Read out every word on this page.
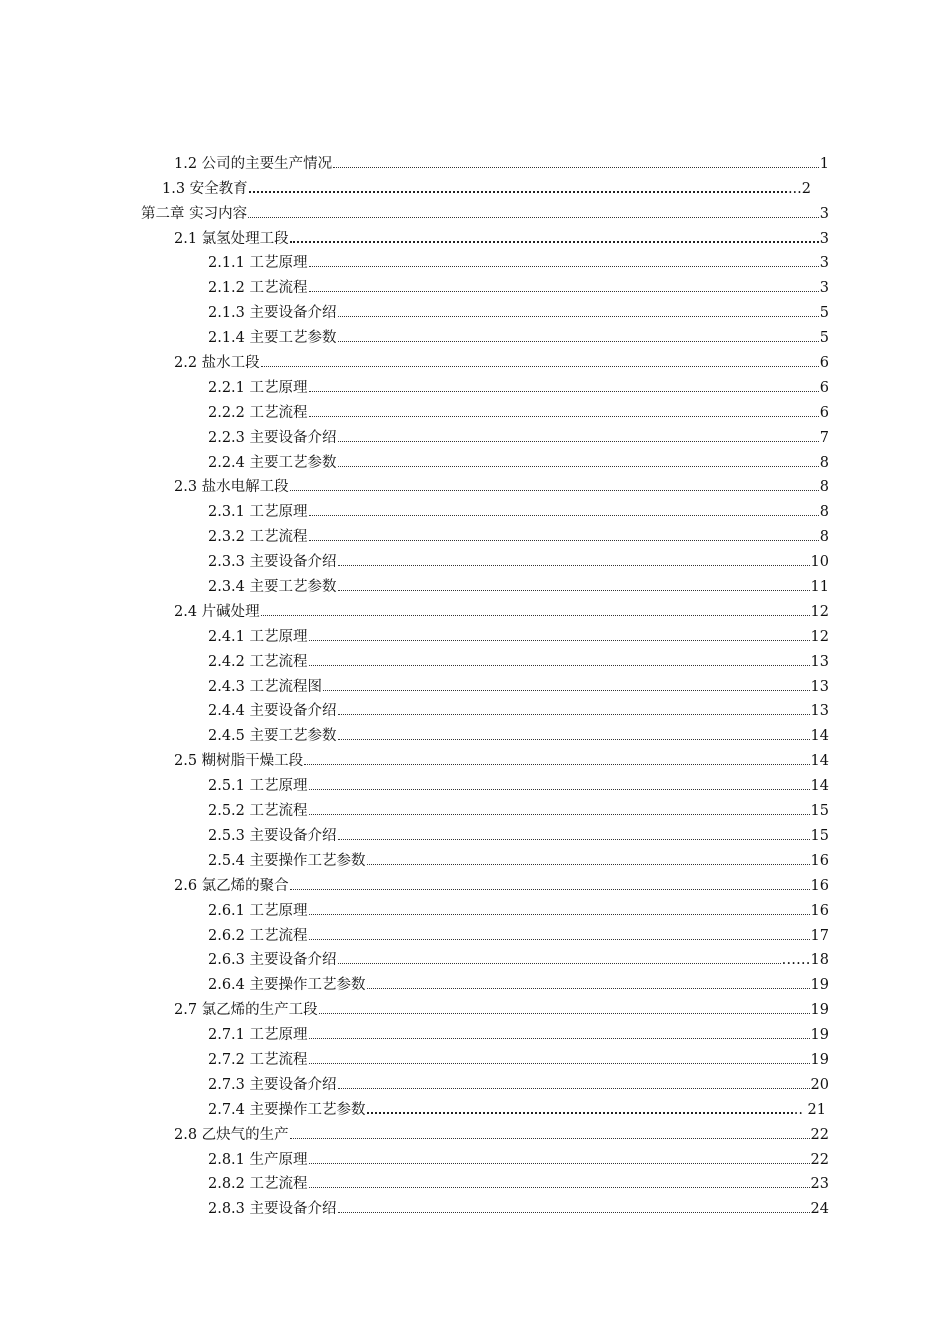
1.2 公司的主要生产情况	1
1.3 安全教育	...2
第二章 实习内容	3
2.1 氯氢处理工段	3
2.1.1 工艺原理	3
2.1.2 工艺流程	3
2.1.3 主要设备介绍	5
2.1.4 主要工艺参数	5
2.2 盐水工段	6
2.2.1 工艺原理	6
2.2.2 工艺流程	6
2.2.3 主要设备介绍	7
2.2.4 主要工艺参数	8
2.3 盐水电解工段	8
2.3.1 工艺原理	8
2.3.2 工艺流程	8
2.3.3 主要设备介绍	10
2.3.4 主要工艺参数	11
2.4 片碱处理	12
2.4.1 工艺原理	12
2.4.2 工艺流程	13
2.4.3 工艺流程图	13
2.4.4 主要设备介绍	13
2.4.5 主要工艺参数	14
2.5 糊树脂干燥工段	14
2.5.1 工艺原理	14
2.5.2 工艺流程	15
2.5.3 主要设备介绍	15
2.5.4 主要操作工艺参数	16
2.6 氯乙烯的聚合	16
2.6.1 工艺原理	16
2.6.2 工艺流程	17
2.6.3 主要设备介绍	……18
2.6.4 主要操作工艺参数	19
2.7 氯乙烯的生产工段	19
2.7.1 工艺原理	19
2.7.2 工艺流程	19
2.7.3 主要设备介绍	20
2.7.4 主要操作工艺参数	.. 21
2.8 乙炔气的生产	22
2.8.1 生产原理	22
2.8.2 工艺流程	23
2.8.3 主要设备介绍	24
